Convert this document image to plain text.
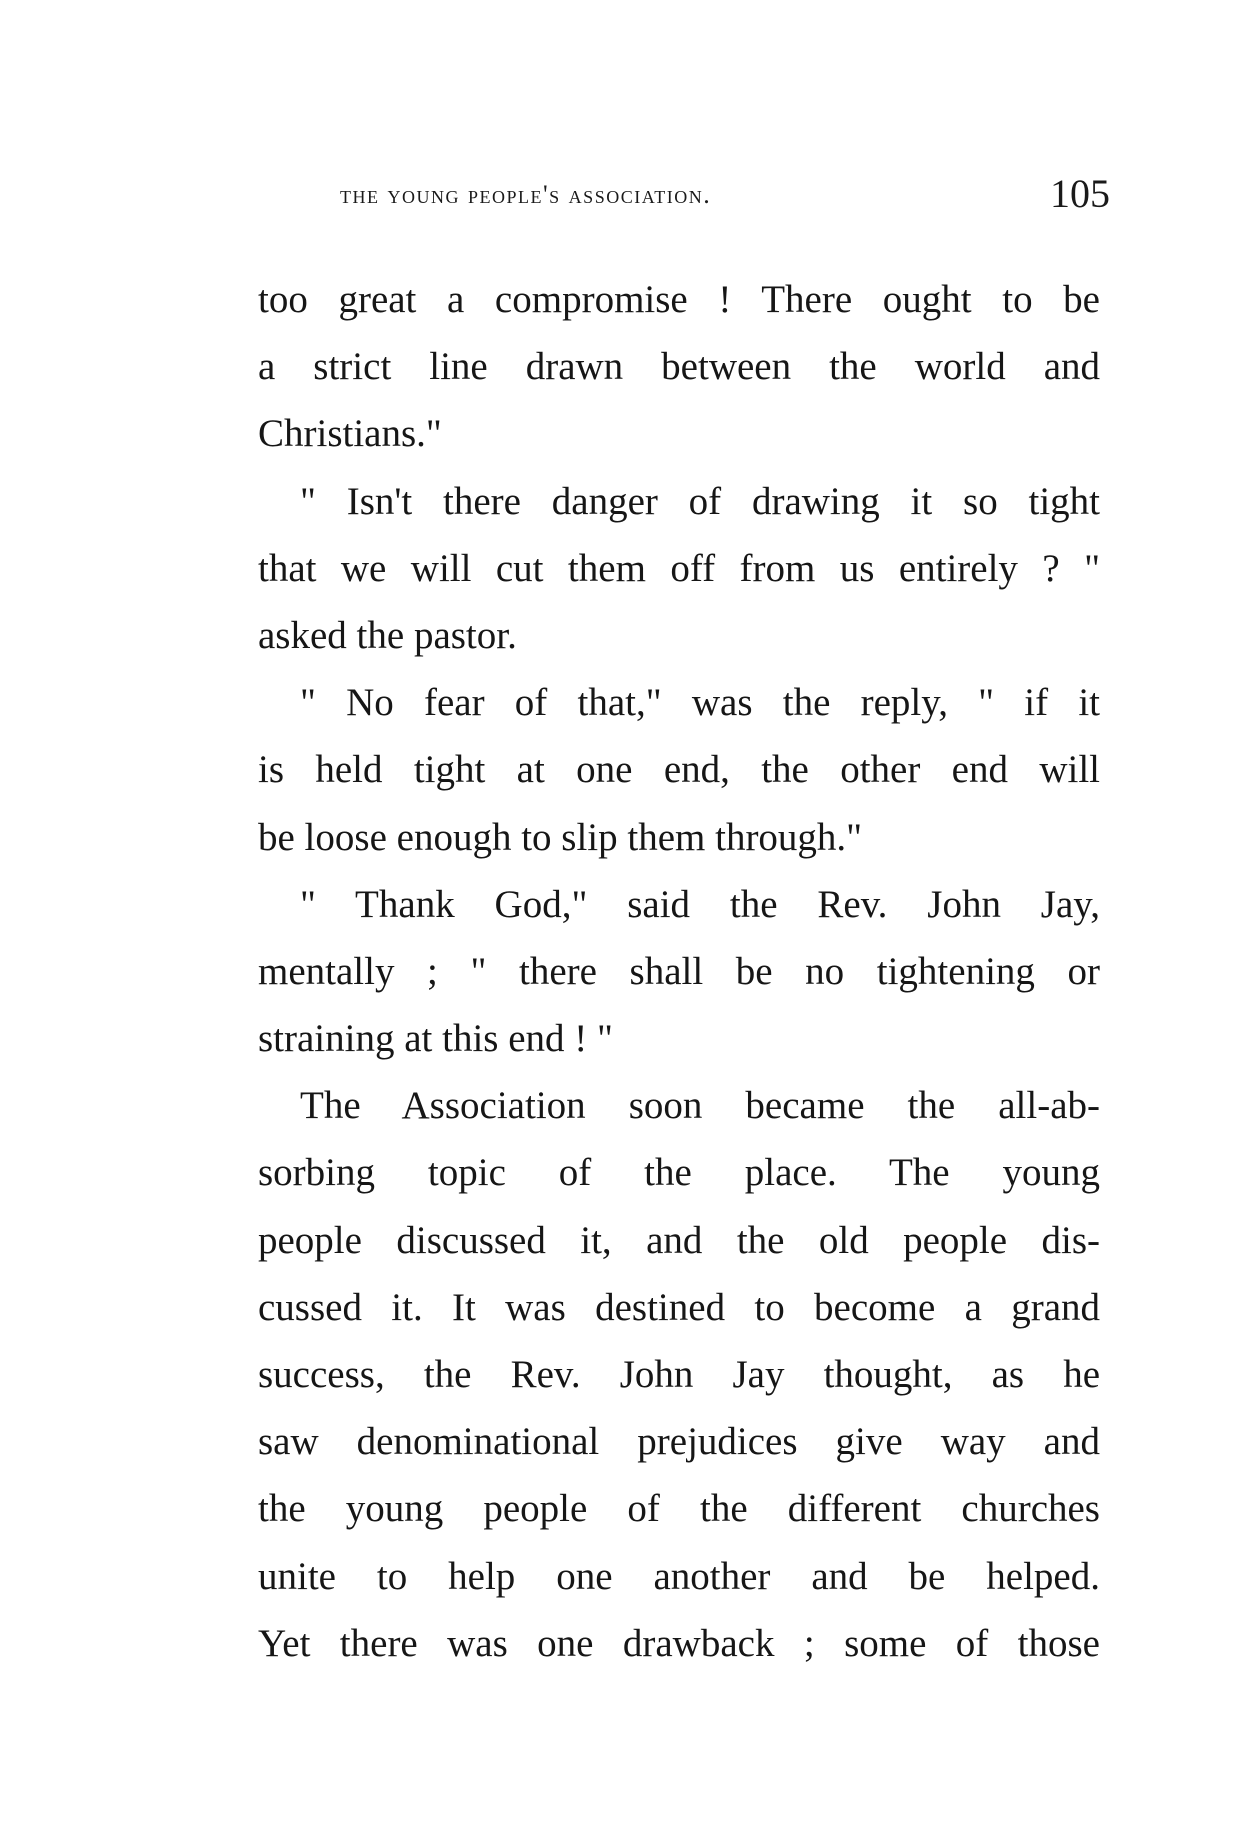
the young people's association.	105
too great a compromise ! There ought to be
a strict line drawn between the world and
Christians."
" Isn't there danger of drawing it so tight
that we will cut them off from us entirely ? "
asked the pastor.
" No fear of that," was the reply, " if it
is held tight at one end, the other end will
be loose enough to slip them through."
" Thank God," said the Rev. John Jay,
mentally ; " there shall be no tightening or
straining at this end ! "
The Association soon became the all-ab-
sorbing topic of the place. The young
people discussed it, and the old people dis-
cussed it. It was destined to become a grand
success, the Rev. John Jay thought, as he
saw denominational prejudices give way and
the young people of the different churches
unite to help one another and be helped.
Yet there was one drawback ; some of those
